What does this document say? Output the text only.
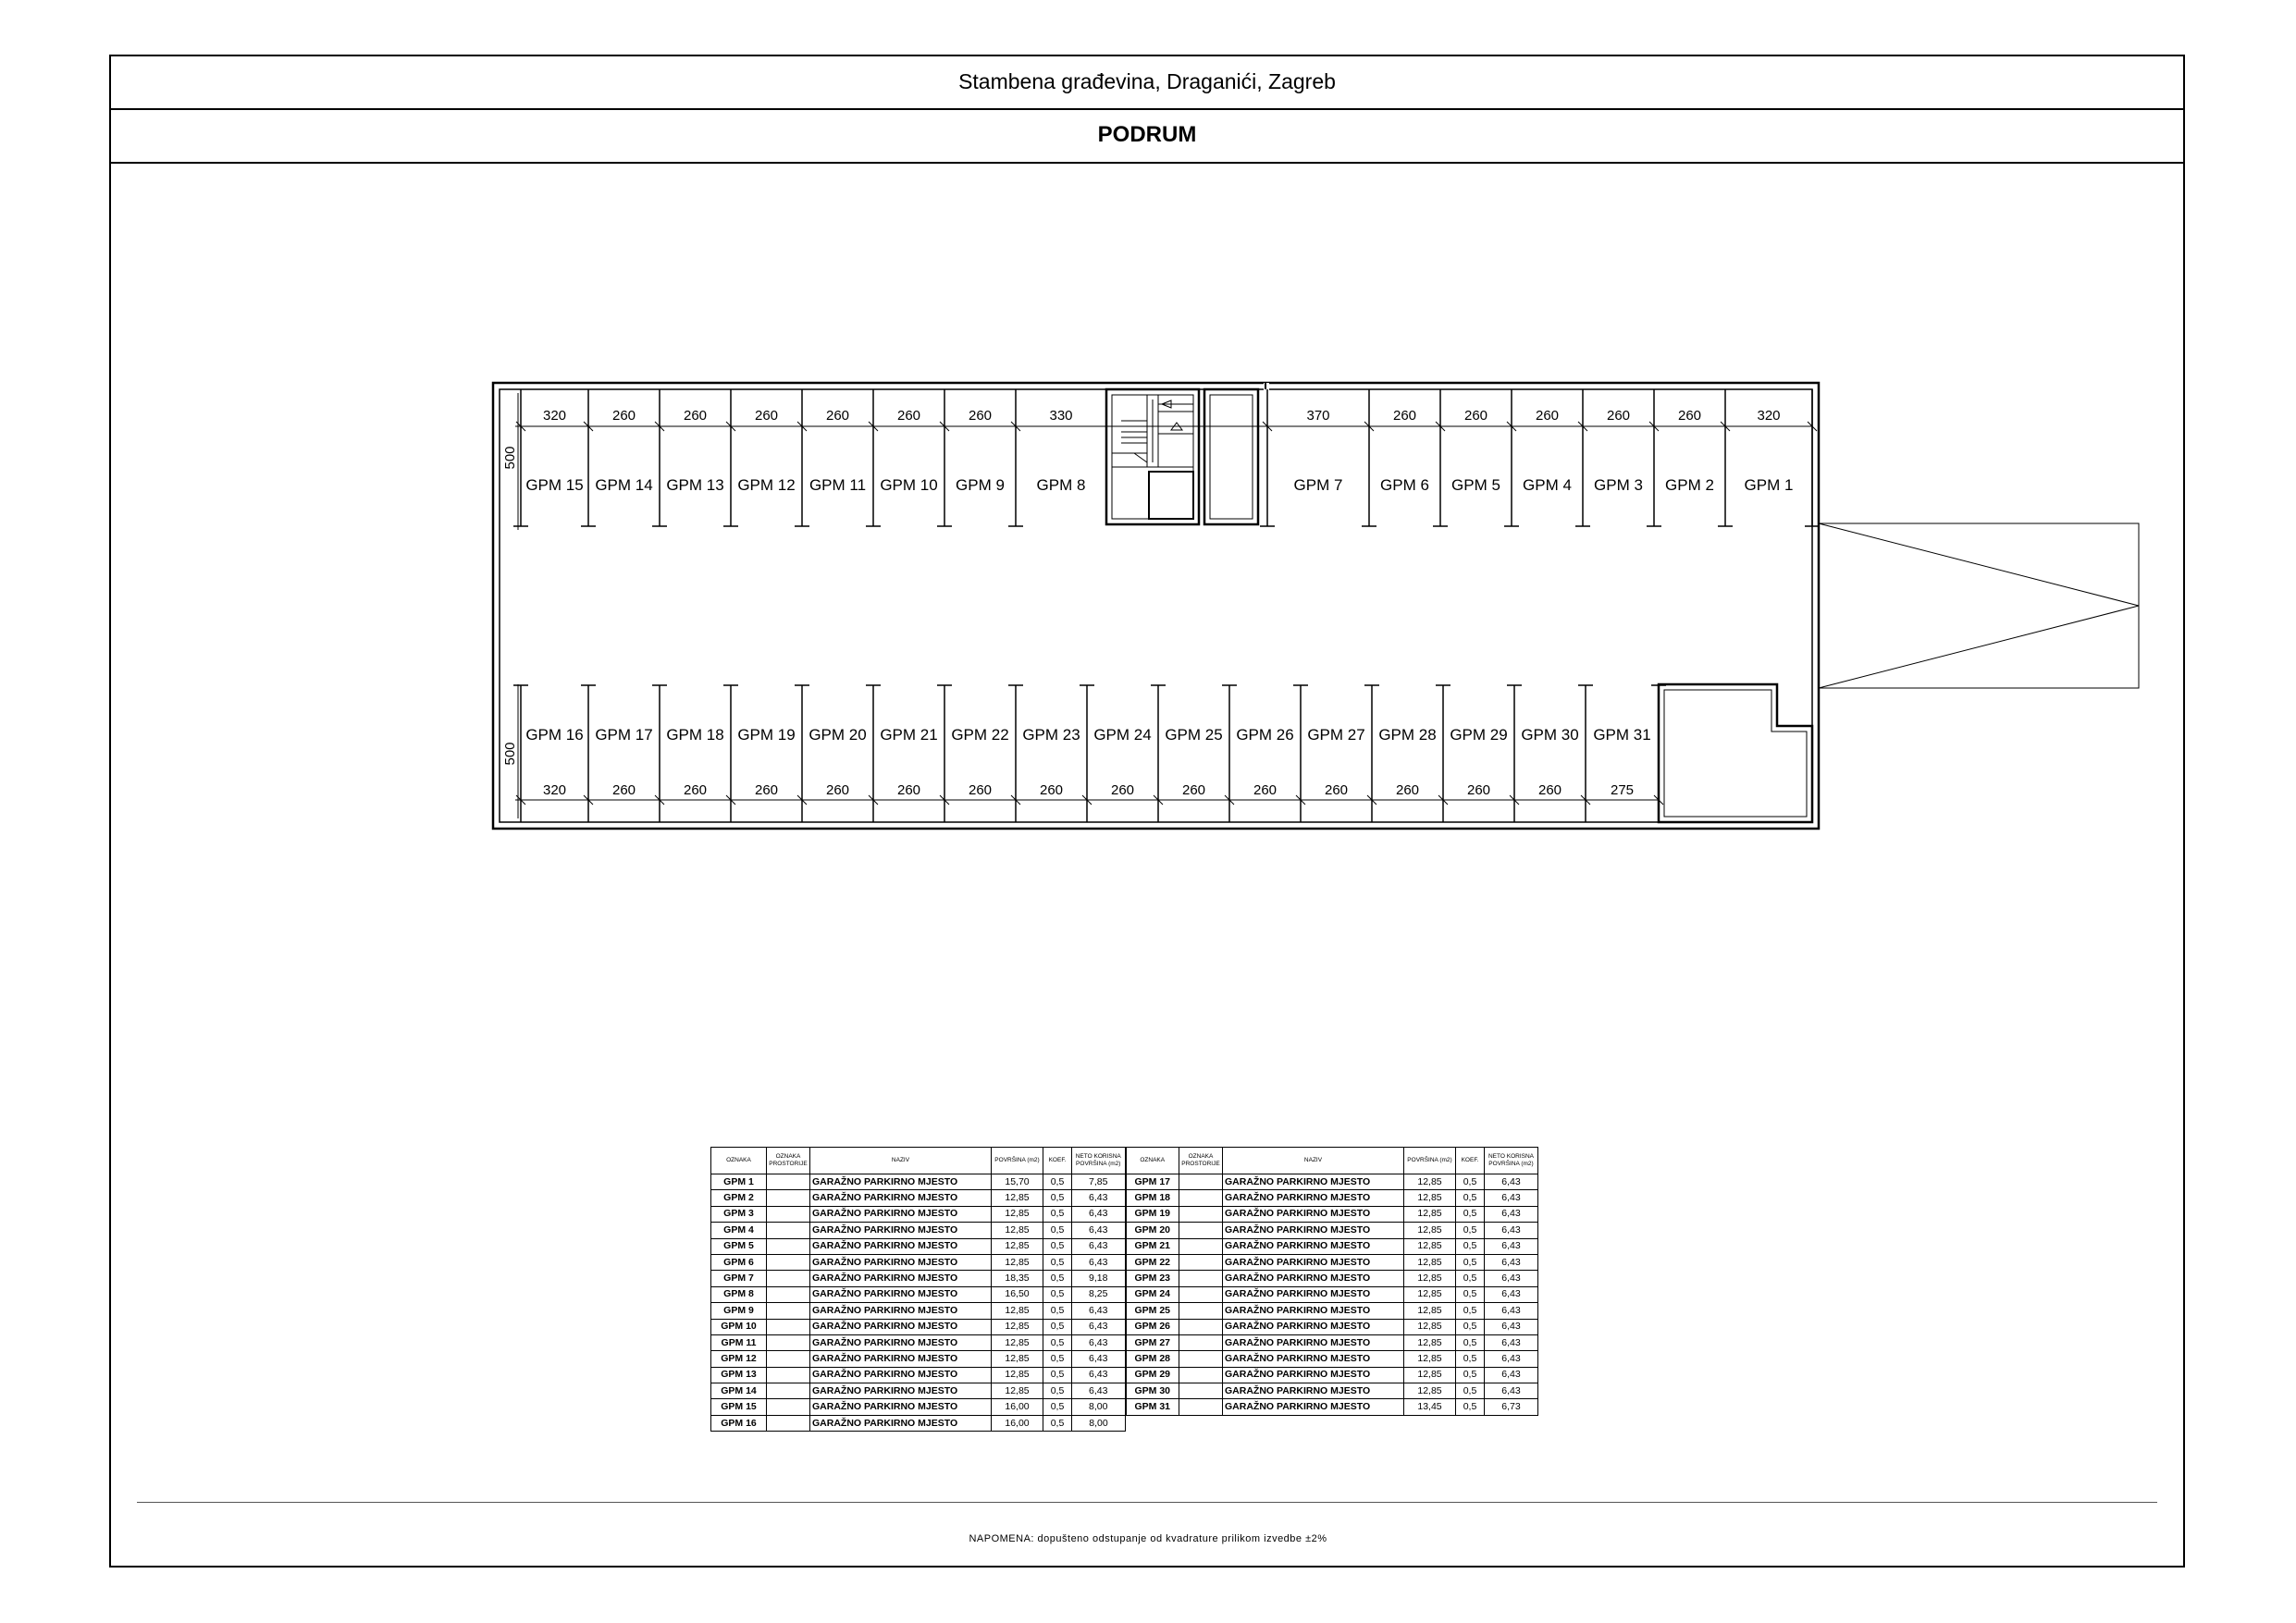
Stambena građevina, Draganići, Zagreb
PODRUM
500
500
GPM 15
320
GPM 14
260
GPM 13
260
GPM 12
260
GPM 11
260
GPM 10
260
GPM 9
260
GPM 8
330
GPM 7
370
GPM 6
260
GPM 5
260
GPM 4
260
GPM 3
260
GPM 2
260
GPM 1
320
GPM 16
320
GPM 17
260
GPM 18
260
GPM 19
260
GPM 20
260
GPM 21
260
GPM 22
260
GPM 23
260
GPM 24
260
GPM 25
260
GPM 26
260
GPM 27
260
GPM 28
260
GPM 29
260
GPM 30
260
GPM 31
275
OZNAKA	OZNAKA PROSTORIJE	NAZIV	POVRŠINA (m2)	KOEF.	NETO KORISNA POVRŠINA (m2)	OZNAKA	OZNAKA PROSTORIJE	NAZIV	POVRŠINA (m2)	KOEF.	NETO KORISNA POVRŠINA (m2)
GPM 1		GARAŽNO PARKIRNO MJESTO	15,70	0,5	7,85	GPM 17		GARAŽNO PARKIRNO MJESTO	12,85	0,5	6,43
GPM 2		GARAŽNO PARKIRNO MJESTO	12,85	0,5	6,43	GPM 18		GARAŽNO PARKIRNO MJESTO	12,85	0,5	6,43
GPM 3		GARAŽNO PARKIRNO MJESTO	12,85	0,5	6,43	GPM 19		GARAŽNO PARKIRNO MJESTO	12,85	0,5	6,43
GPM 4		GARAŽNO PARKIRNO MJESTO	12,85	0,5	6,43	GPM 20		GARAŽNO PARKIRNO MJESTO	12,85	0,5	6,43
GPM 5		GARAŽNO PARKIRNO MJESTO	12,85	0,5	6,43	GPM 21		GARAŽNO PARKIRNO MJESTO	12,85	0,5	6,43
GPM 6		GARAŽNO PARKIRNO MJESTO	12,85	0,5	6,43	GPM 22		GARAŽNO PARKIRNO MJESTO	12,85	0,5	6,43
GPM 7		GARAŽNO PARKIRNO MJESTO	18,35	0,5	9,18	GPM 23		GARAŽNO PARKIRNO MJESTO	12,85	0,5	6,43
GPM 8		GARAŽNO PARKIRNO MJESTO	16,50	0,5	8,25	GPM 24		GARAŽNO PARKIRNO MJESTO	12,85	0,5	6,43
GPM 9		GARAŽNO PARKIRNO MJESTO	12,85	0,5	6,43	GPM 25		GARAŽNO PARKIRNO MJESTO	12,85	0,5	6,43
GPM 10		GARAŽNO PARKIRNO MJESTO	12,85	0,5	6,43	GPM 26		GARAŽNO PARKIRNO MJESTO	12,85	0,5	6,43
GPM 11		GARAŽNO PARKIRNO MJESTO	12,85	0,5	6,43	GPM 27		GARAŽNO PARKIRNO MJESTO	12,85	0,5	6,43
GPM 12		GARAŽNO PARKIRNO MJESTO	12,85	0,5	6,43	GPM 28		GARAŽNO PARKIRNO MJESTO	12,85	0,5	6,43
GPM 13		GARAŽNO PARKIRNO MJESTO	12,85	0,5	6,43	GPM 29		GARAŽNO PARKIRNO MJESTO	12,85	0,5	6,43
GPM 14		GARAŽNO PARKIRNO MJESTO	12,85	0,5	6,43	GPM 30		GARAŽNO PARKIRNO MJESTO	12,85	0,5	6,43
GPM 15		GARAŽNO PARKIRNO MJESTO	16,00	0,5	8,00	GPM 31		GARAŽNO PARKIRNO MJESTO	13,45	0,5	6,73
GPM 16		GARAŽNO PARKIRNO MJESTO	16,00	0,5	8,00						
NAPOMENA: dopušteno odstupanje od kvadrature prilikom izvedbe ±2%
